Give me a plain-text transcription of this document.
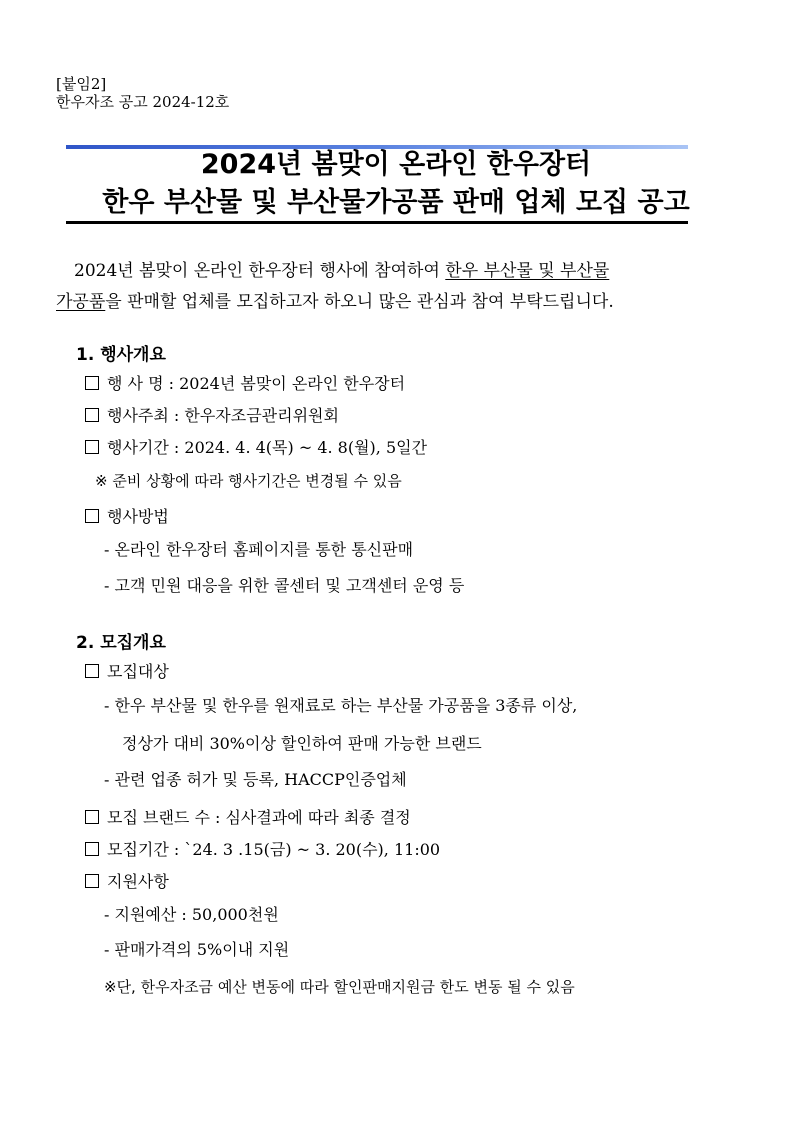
[붙임2]
한우자조 공고 2024-12호
2024년 봄맞이 온라인 한우장터
한우 부산물 및 부산물가공품 판매 업체 모집 공고
2024년 봄맞이 온라인 한우장터 행사에 참여하여 한우 부산물 및 부산물
가공품을 판매할 업체를 모집하고자 하오니 많은 관심과 참여 부탁드립니다.
1. 행사개요
행 사 명 : 2024년 봄맞이 온라인 한우장터
행사주최 : 한우자조금관리위원회
행사기간 : 2024. 4. 4(목) ~ 4. 8(월), 5일간
※ 준비 상황에 따라 행사기간은 변경될 수 있음
행사방법
- 온라인 한우장터 홈페이지를 통한 통신판매
- 고객 민원 대응을 위한 콜센터 및 고객센터 운영 등
2. 모집개요
모집대상
- 한우 부산물 및 한우를 원재료로 하는 부산물 가공품을 3종류 이상,
정상가 대비 30%이상 할인하여 판매 가능한 브랜드
- 관련 업종 허가 및 등록, HACCP인증업체
모집 브랜드 수 : 심사결과에 따라 최종 결정
모집기간 : `24. 3 .15(금) ~ 3. 20(수), 11:00
지원사항
- 지원예산 : 50,000천원
- 판매가격의 5%이내 지원
※단, 한우자조금 예산 변동에 따라 할인판매지원금 한도 변동 될 수 있음
